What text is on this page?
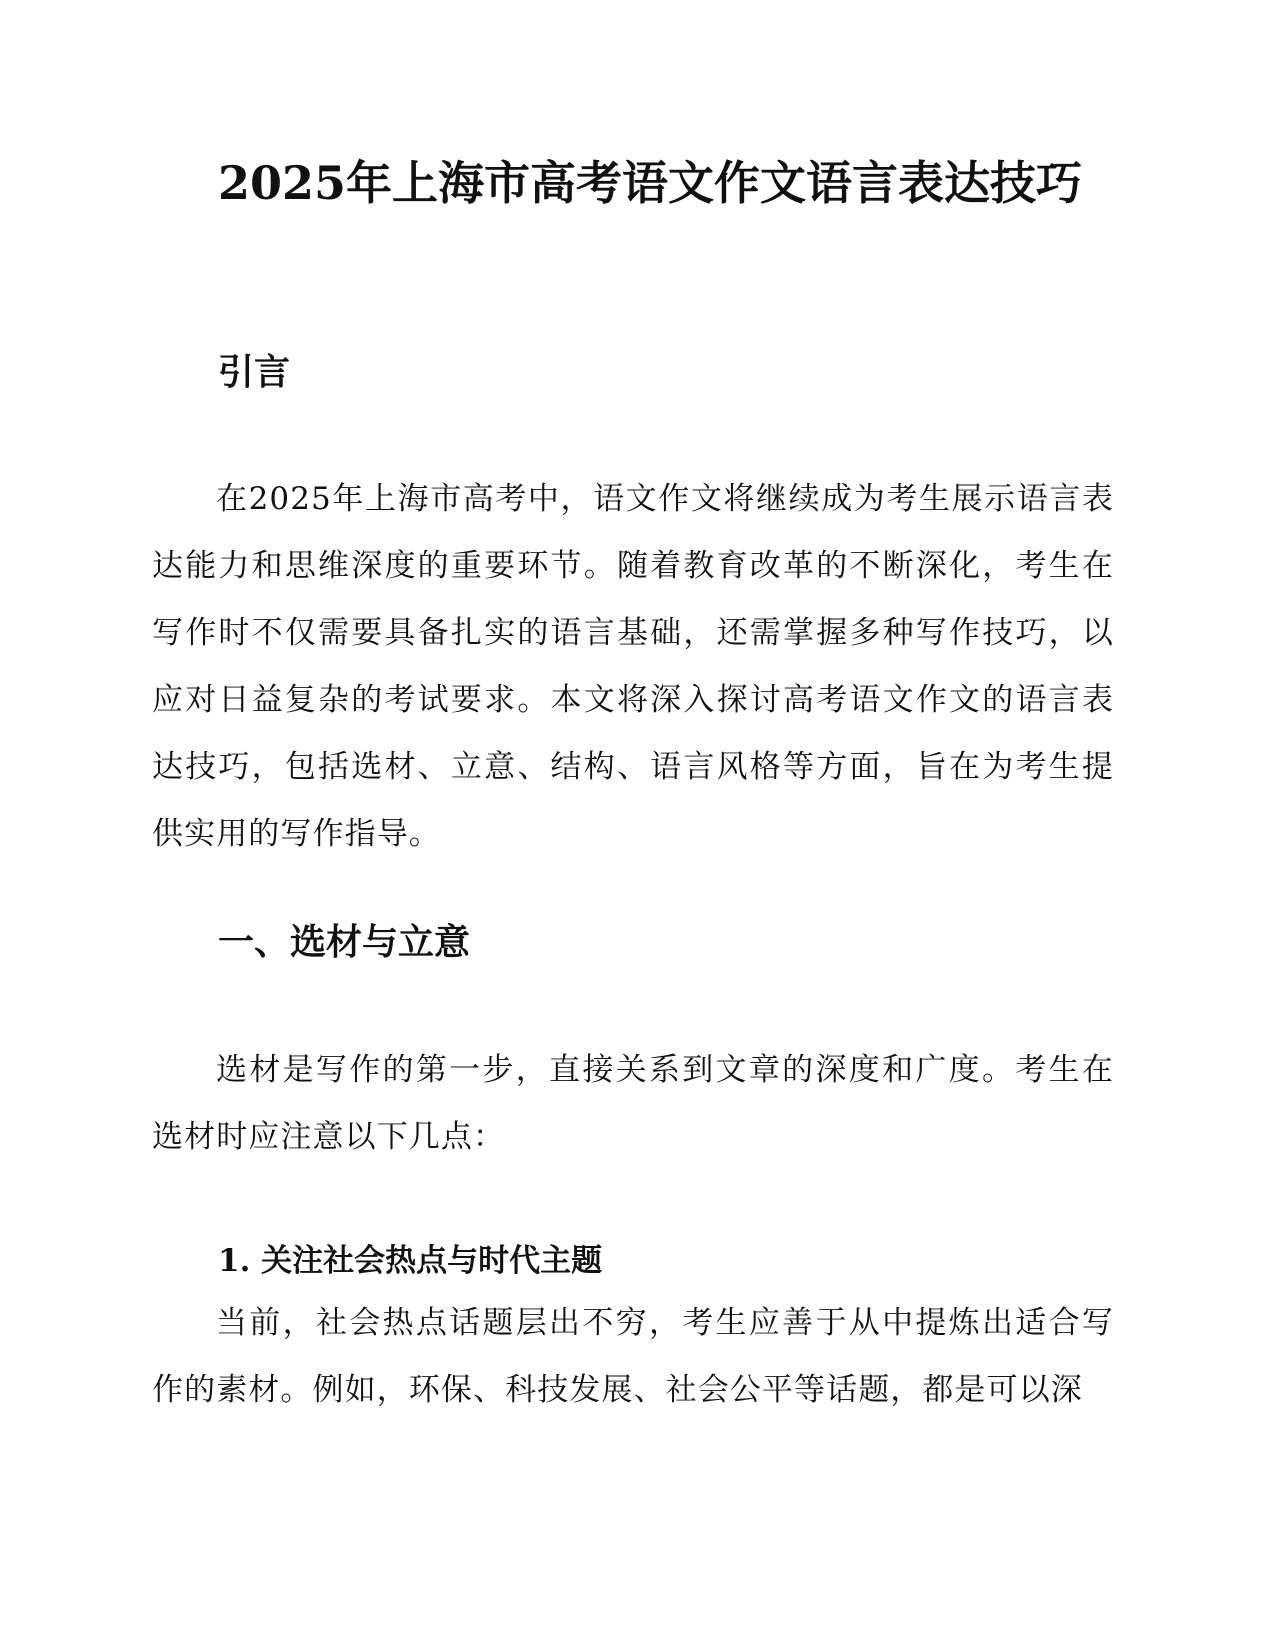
2025年上海市高考语文作文语言表达技巧
引言

在2025年上海市高考中，语文作文将继续成为考生展示语言表达能力和思维深度的重要环节。随着教育改革的不断深化，考生在写作时不仅需要具备扎实的语言基础，还需掌握多种写作技巧，以应对日益复杂的考试要求。本文将深入探讨高考语文作文的语言表达技巧，包括选材、立意、结构、语言风格等方面，旨在为考生提供实用的写作指导。

一、选材与立意

选材是写作的第一步，直接关系到文章的深度和广度。考生在选材时应注意以下几点：

1. 关注社会热点与时代主题

当前，社会热点话题层出不穷，考生应善于从中提炼出适合写作的素材。例如，环保、科技发展、社会公平等话题，都是可以深
